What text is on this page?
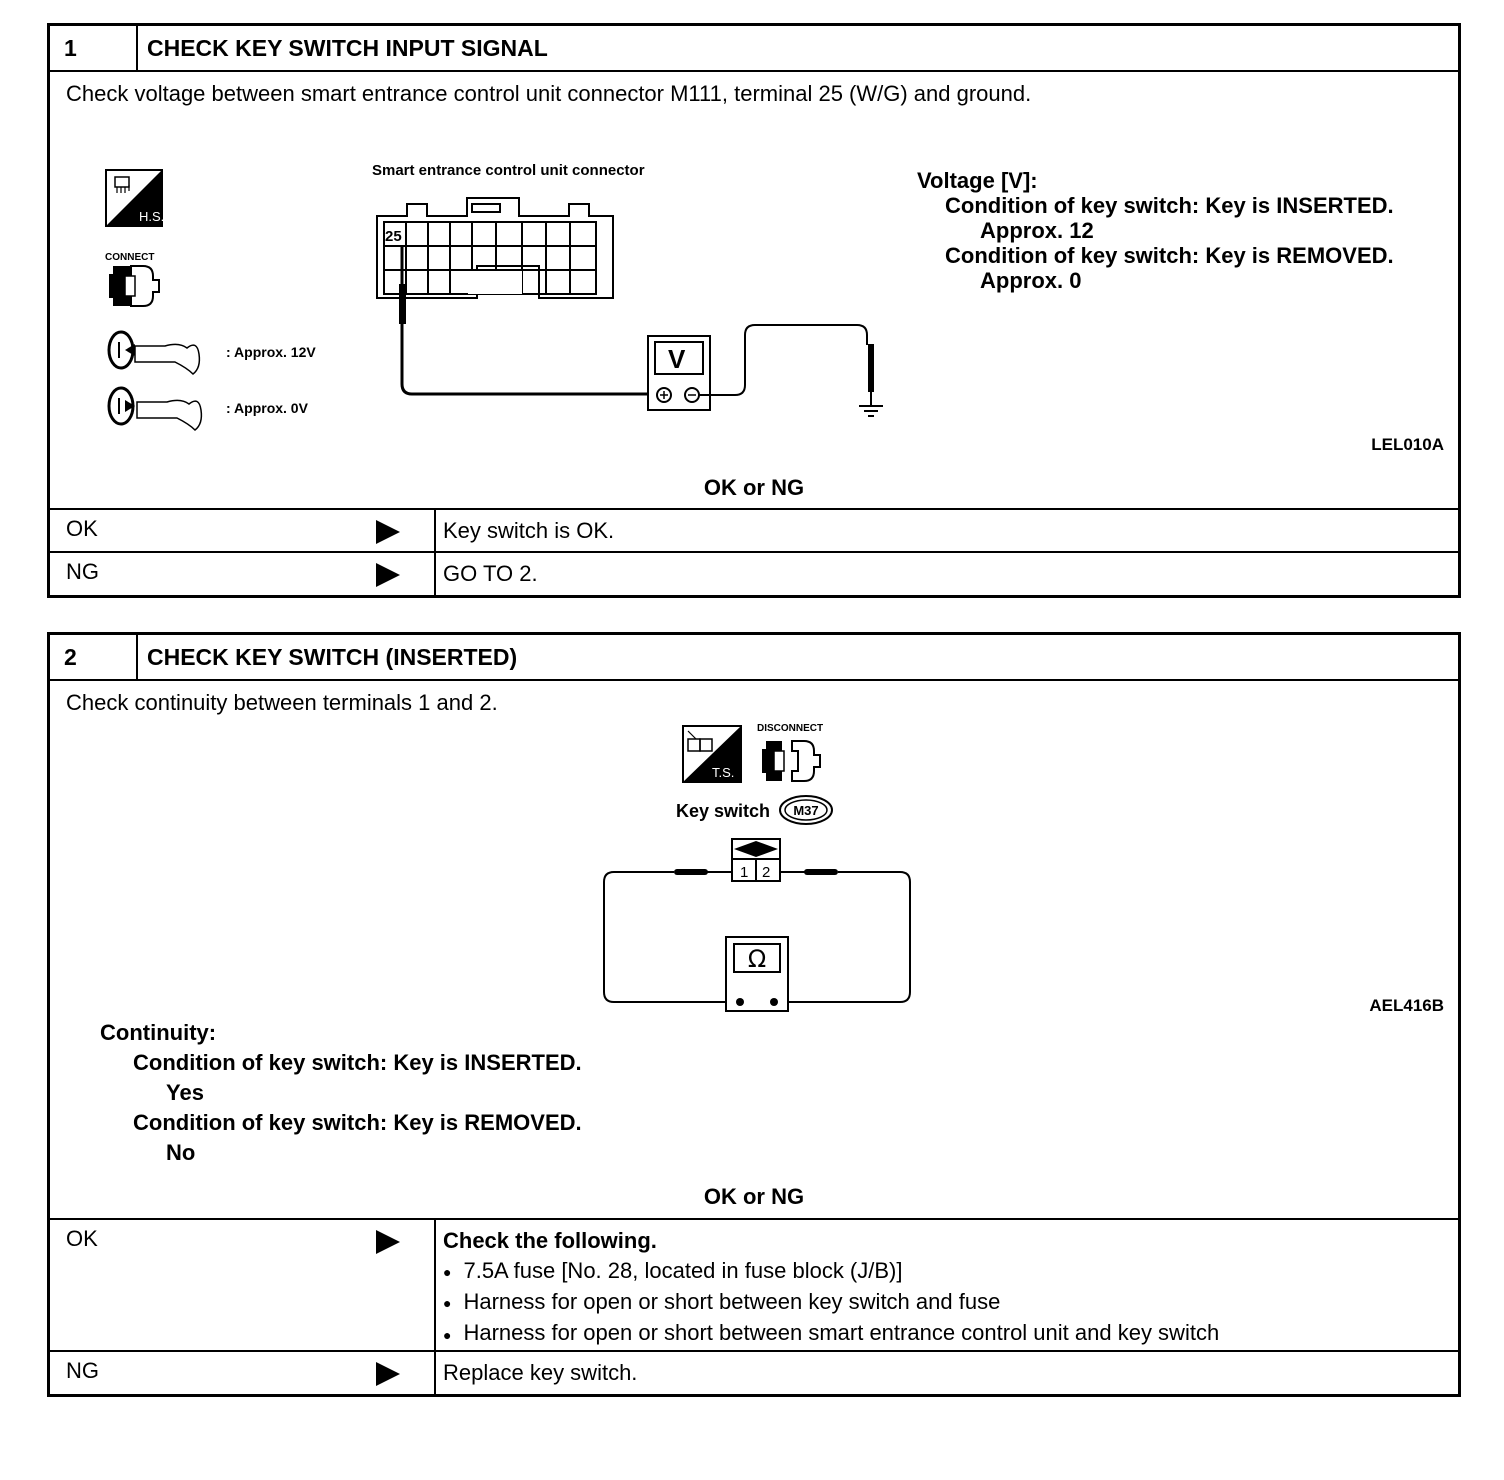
1	CHECK KEY SWITCH INPUT SIGNAL
Check voltage between smart entrance control unit connector M111, terminal 25 (W/G) and ground.
H.S.
CONNECT
: Approx. 12V
: Approx. 0V
Smart entrance control unit connector
25
V
Voltage [V]:
Condition of key switch: Key is INSERTED.
Approx. 12
Condition of key switch: Key is REMOVED.
Approx. 0
LEL010A
OK or NG
OK	Key switch is OK.
NG	GO TO 2.
2	CHECK KEY SWITCH (INSERTED)
Check continuity between terminals 1 and 2.
T.S.
DISCONNECT
Key switch M37
1 2
Ω
AEL416B
Continuity:
Condition of key switch: Key is INSERTED.
Yes
Condition of key switch: Key is REMOVED.
No
OK or NG
OK	Check the following.
● 7.5A fuse [No. 28, located in fuse block (J/B)]
● Harness for open or short between key switch and fuse
● Harness for open or short between smart entrance control unit and key switch
NG	Replace key switch.
